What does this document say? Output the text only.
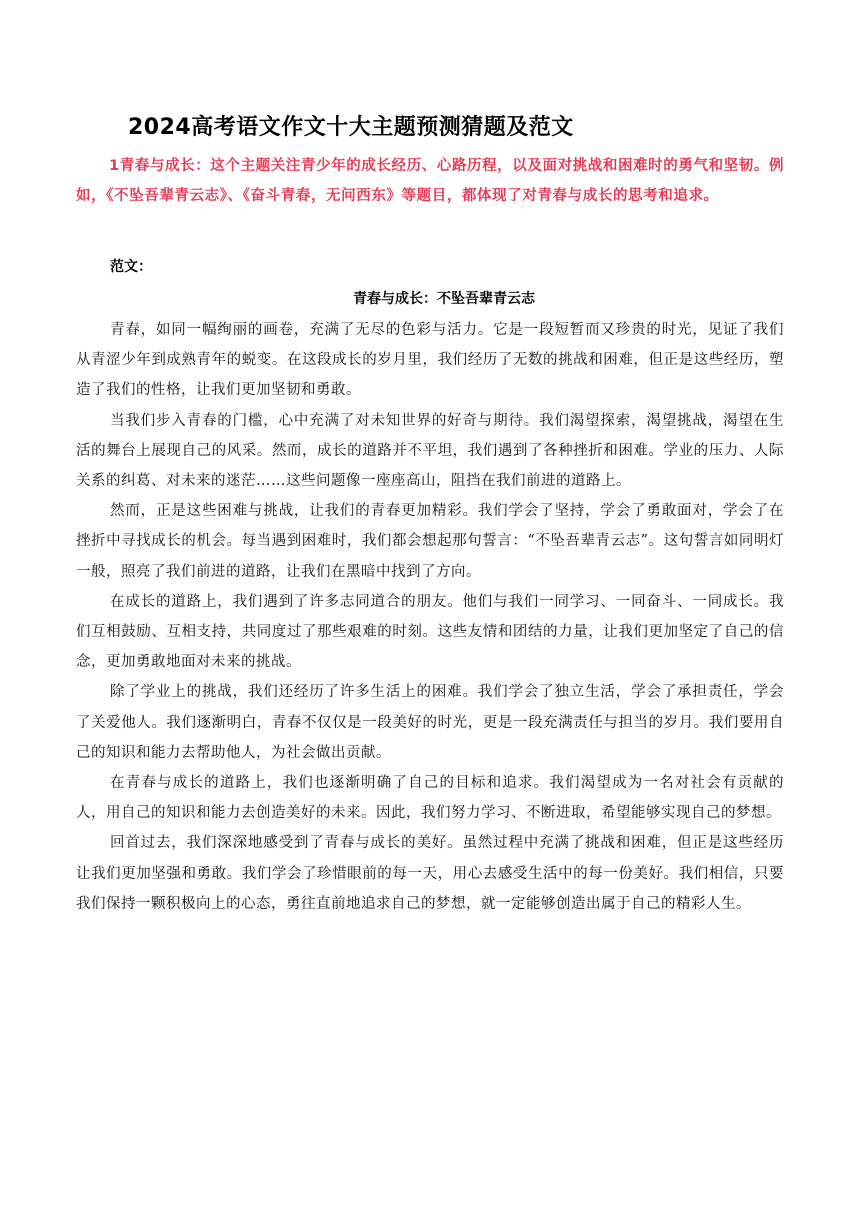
2024高考语文作文十大主题预测猜题及范文
1青春与成长：这个主题关注青少年的成长经历、心路历程，以及面对挑战和困难时的勇气和坚韧。例如，《不坠吾辈青云志》、《奋斗青春，无问西东》等题目，都体现了对青春与成长的思考和追求。
范文：
青春与成长：不坠吾辈青云志

青春，如同一幅绚丽的画卷，充满了无尽的色彩与活力。它是一段短暂而又珍贵的时光，见证了我们从青涩少年到成熟青年的蜕变。在这段成长的岁月里，我们经历了无数的挑战和困难，但正是这些经历，塑造了我们的性格，让我们更加坚韧和勇敢。

当我们步入青春的门槛，心中充满了对未知世界的好奇与期待。我们渴望探索，渴望挑战，渴望在生活的舞台上展现自己的风采。然而，成长的道路并不平坦，我们遇到了各种挫折和困难。学业的压力、人际关系的纠葛、对未来的迷茫……这些问题像一座座高山，阻挡在我们前进的道路上。

然而，正是这些困难与挑战，让我们的青春更加精彩。我们学会了坚持，学会了勇敢面对，学会了在挫折中寻找成长的机会。每当遇到困难时，我们都会想起那句誓言：“不坠吾辈青云志”。这句誓言如同明灯一般，照亮了我们前进的道路，让我们在黑暗中找到了方向。

在成长的道路上，我们遇到了许多志同道合的朋友。他们与我们一同学习、一同奋斗、一同成长。我们互相鼓励、互相支持，共同度过了那些艰难的时刻。这些友情和团结的力量，让我们更加坚定了自己的信念，更加勇敢地面对未来的挑战。

除了学业上的挑战，我们还经历了许多生活上的困难。我们学会了独立生活，学会了承担责任，学会了关爱他人。我们逐渐明白，青春不仅仅是一段美好的时光，更是一段充满责任与担当的岁月。我们要用自己的知识和能力去帮助他人，为社会做出贡献。

在青春与成长的道路上，我们也逐渐明确了自己的目标和追求。我们渴望成为一名对社会有贡献的人，用自己的知识和能力去创造美好的未来。因此，我们努力学习、不断进取，希望能够实现自己的梦想。

回首过去，我们深深地感受到了青春与成长的美好。虽然过程中充满了挑战和困难，但正是这些经历让我们更加坚强和勇敢。我们学会了珍惜眼前的每一天，用心去感受生活中的每一份美好。我们相信，只要我们保持一颗积极向上的心态，勇往直前地追求自己的梦想，就一定能够创造出属于自己的精彩人生。
